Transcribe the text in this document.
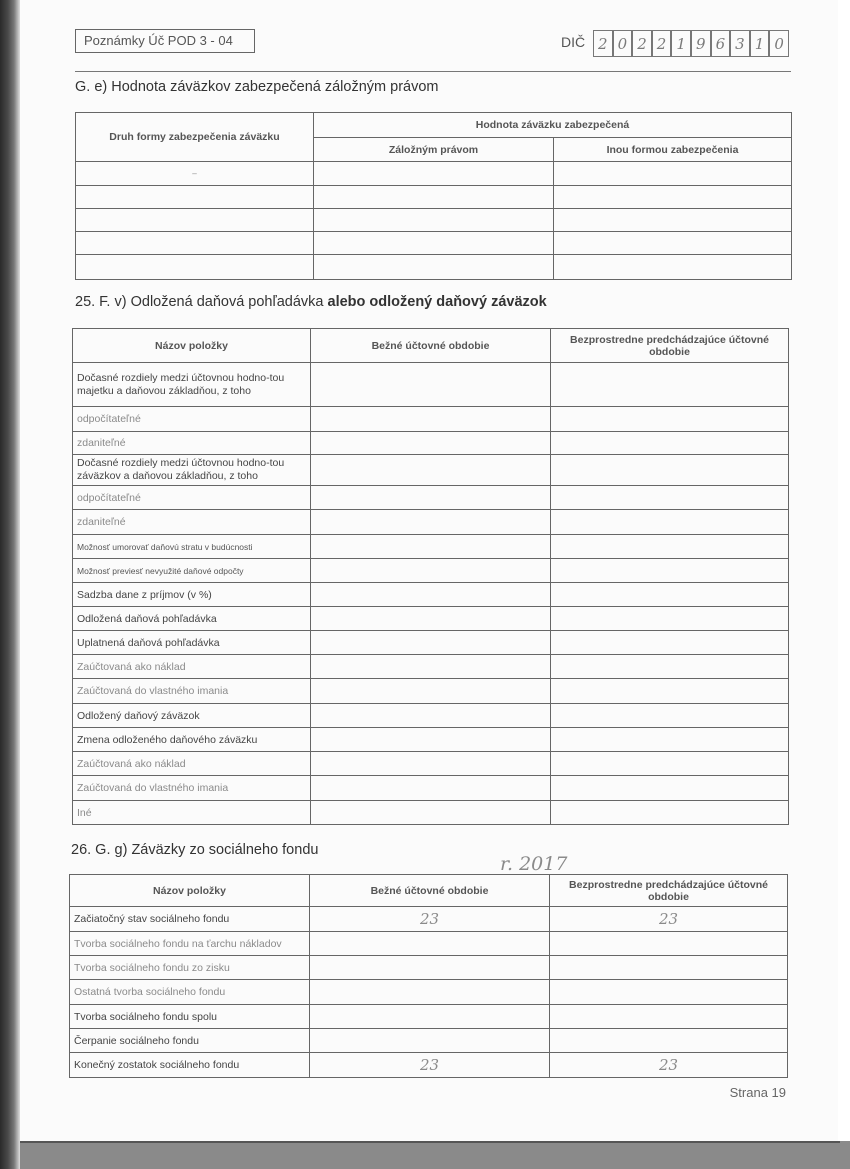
Poznámky Úč POD 3 - 04	DIČ 2 0 2 2 1 9 6 3 1 0
G. e) Hodnota záväzkov zabezpečená záložným právom
Druh formy zabezpečenia záväzku	Hodnota záväzku zabezpečená	
	Záložným právom	Inou formou zabezpečenia
–		

25. F. v) Odložená daňová pohľadávka alebo odložený daňový záväzok
Názov položky	Bežné účtovné obdobie	Bezprostredne predchádzajúce účtovné obdobie
Dočasné rozdiely medzi účtovnou hodno-tou majetku a daňovou základňou, z toho		
odpočítateľné		
zdaniteľné		
Dočasné rozdiely medzi účtovnou hodno-tou záväzkov a daňovou základňou, z toho		
odpočítateľné		
zdaniteľné		
Možnosť umorovať daňovú stratu v budúcnosti		
Možnosť previesť nevyužité daňové odpočty		
Sadzba dane z príjmov (v %)		
Odložená daňová pohľadávka		
Uplatnená daňová pohľadávka		
Zaúčtovaná ako náklad		
Zaúčtovaná do vlastného imania		
Odložený daňový záväzok		
Zmena odloženého daňového záväzku		
Zaúčtovaná ako náklad		
Zaúčtovaná do vlastného imania		
Iné		
26. G. g) Záväzky zo sociálneho fondu
r. 2017
Názov položky	Bežné účtovné obdobie	Bezprostredne predchádzajúce účtovné obdobie
Začiatočný stav sociálneho fondu	23	23
Tvorba sociálneho fondu na ťarchu nákladov		
Tvorba sociálneho fondu zo zisku		
Ostatná tvorba sociálneho fondu		
Tvorba sociálneho fondu spolu		
Čerpanie sociálneho fondu		
Konečný zostatok sociálneho fondu	23	23
Strana 19
